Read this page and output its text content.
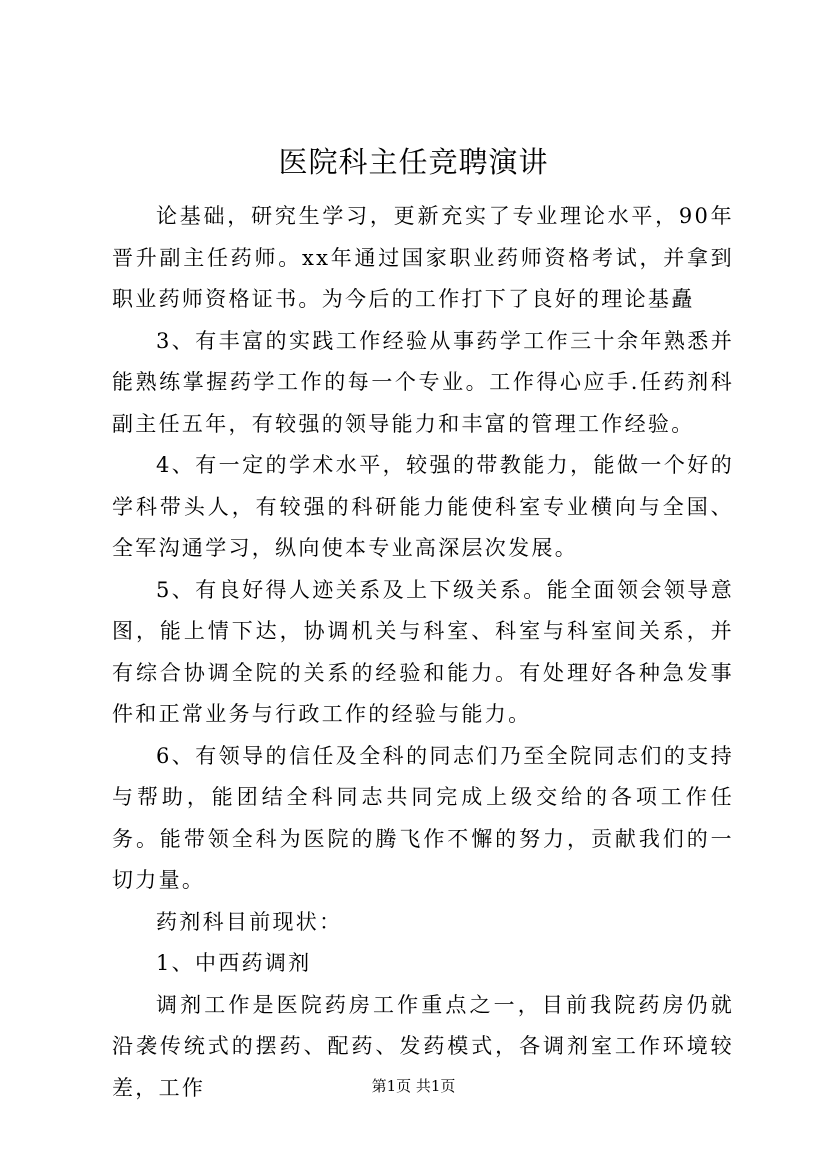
医院科主任竞聘演讲

论基础，研究生学习，更新充实了专业理论水平，90年晋升副主任药师。xx年通过国家职业药师资格考试，并拿到职业药师资格证书。为今后的工作打下了良好的理论基矗

3、有丰富的实践工作经验从事药学工作三十余年熟悉并能熟练掌握药学工作的每一个专业。工作得心应手.任药剂科副主任五年，有较强的领导能力和丰富的管理工作经验。

4、有一定的学术水平，较强的带教能力，能做一个好的学科带头人，有较强的科研能力能使科室专业横向与全国、全军沟通学习，纵向使本专业高深层次发展。

5、有良好得人迹关系及上下级关系。能全面领会领导意图，能上情下达，协调机关与科室、科室与科室间关系，并有综合协调全院的关系的经验和能力。有处理好各种急发事件和正常业务与行政工作的经验与能力。

6、有领导的信任及全科的同志们乃至全院同志们的支持与帮助，能团结全科同志共同完成上级交给的各项工作任务。能带领全科为医院的腾飞作不懈的努力，贡献我们的一切力量。

药剂科目前现状：

1、中西药调剂

调剂工作是医院药房工作重点之一，目前我院药房仍就沿袭传统式的摆药、配药、发药模式，各调剂室工作环境较差，工作	第1页 共1页
